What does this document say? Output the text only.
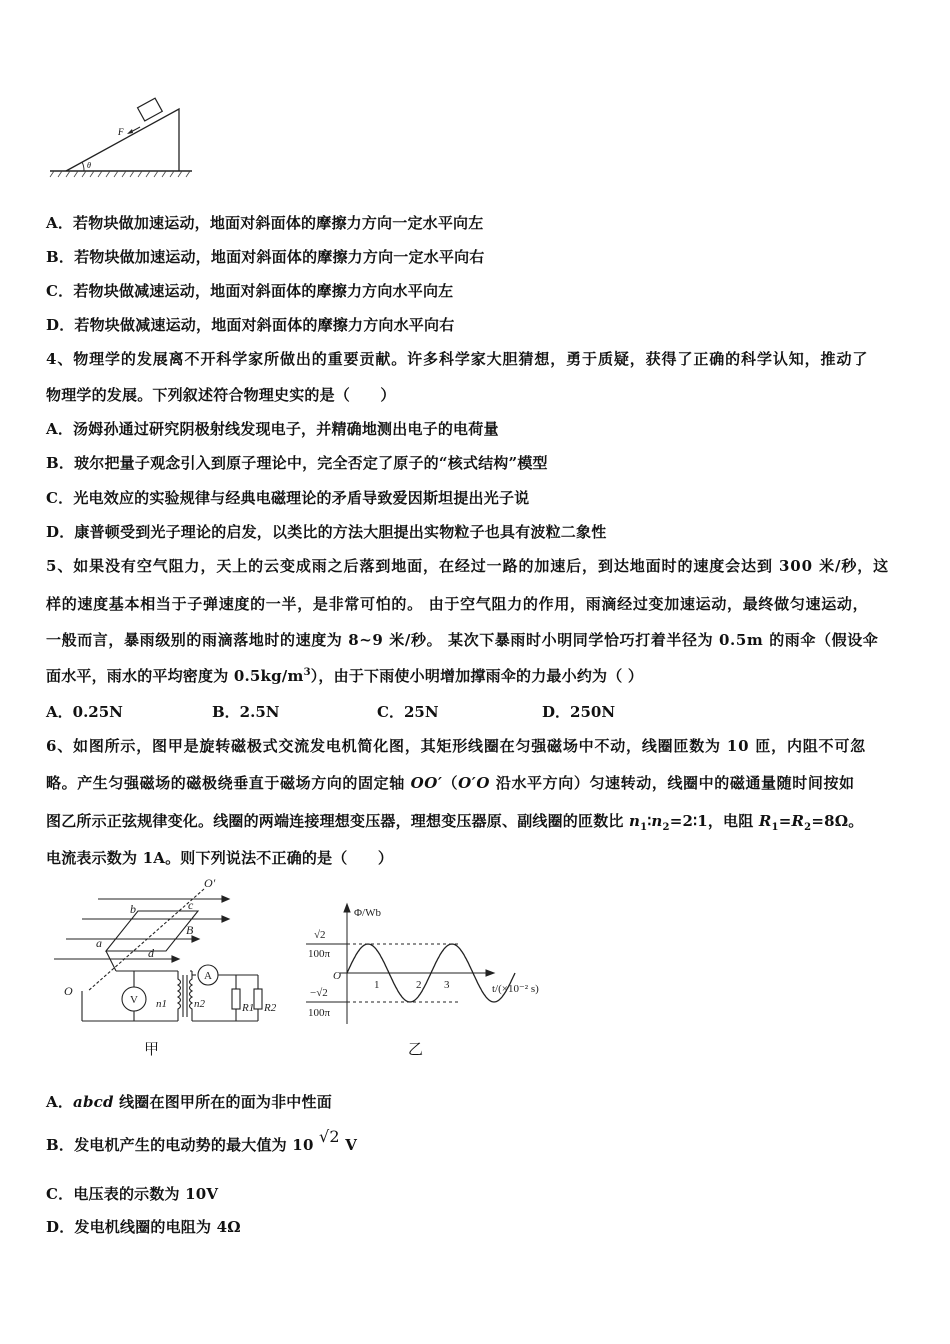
F
θ
A．若物块做加速运动，地面对斜面体的摩擦力方向一定水平向左
B．若物块做加速运动，地面对斜面体的摩擦力方向一定水平向右
C．若物块做减速运动，地面对斜面体的摩擦力方向水平向左
D．若物块做减速运动，地面对斜面体的摩擦力方向水平向右
4、物理学的发展离不开科学家所做出的重要贡献。许多科学家大胆猜想，勇于质疑，获得了正确的科学认知，推动了
物理学的发展。下列叙述符合物理史实的是（　　）
A．汤姆孙通过研究阴极射线发现电子，并精确地测出电子的电荷量
B．玻尔把量子观念引入到原子理论中，完全否定了原子的“核式结构”模型
C．光电效应的实验规律与经典电磁理论的矛盾导致爱因斯坦提出光子说
D．康普顿受到光子理论的启发，以类比的方法大胆提出实物粒子也具有波粒二象性
5、如果没有空气阻力，天上的云变成雨之后落到地面，在经过一路的加速后，到达地面时的速度会达到 300 米/秒，这
样的速度基本相当于子弹速度的一半，是非常可怕的。 由于空气阻力的作用，雨滴经过变加速运动，最终做匀速运动，
一般而言，暴雨级别的雨滴落地时的速度为 8~9 米/秒。 某次下暴雨时小明同学恰巧打着半径为 0.5m 的雨伞（假设伞
面水平，雨水的平均密度为 $0.5kg/m^3$），由于下雨使小明增加撑雨伞的力最小约为（ ）
A．0.25N	B．2.5N	C．25N	D．250N
6、如图所示，图甲是旋转磁极式交流发电机简化图，其矩形线圈在匀强磁场中不动，线圈匝数为 10 匝，内阻不可忽
略。产生匀强磁场的磁极绕垂直于磁场方向的固定轴 OO′（O′O 沿水平方向）匀速转动，线圈中的磁通量随时间按如
图乙所示正弦规律变化。线圈的两端连接理想变压器，理想变压器原、副线圈的匝数比 $n_1∶n_2=2∶1$，电阻 $R_1=R_2=8\Omega$。
电流表示数为 1A。则下列说法不正确的是（　　）
O′
b	c
B
a
d
O
A
V n1 n2	R1 R2
甲
Φ/Wb
t/(×10⁻² s)
O
√2
100π
−√2
100π
1	2 3
乙
A．abcd 线圈在图甲所在的面为非中性面
B．发电机产生的电动势的最大值为 10 √2 V
C．电压表的示数为 10V
D．发电机线圈的电阻为 4Ω
